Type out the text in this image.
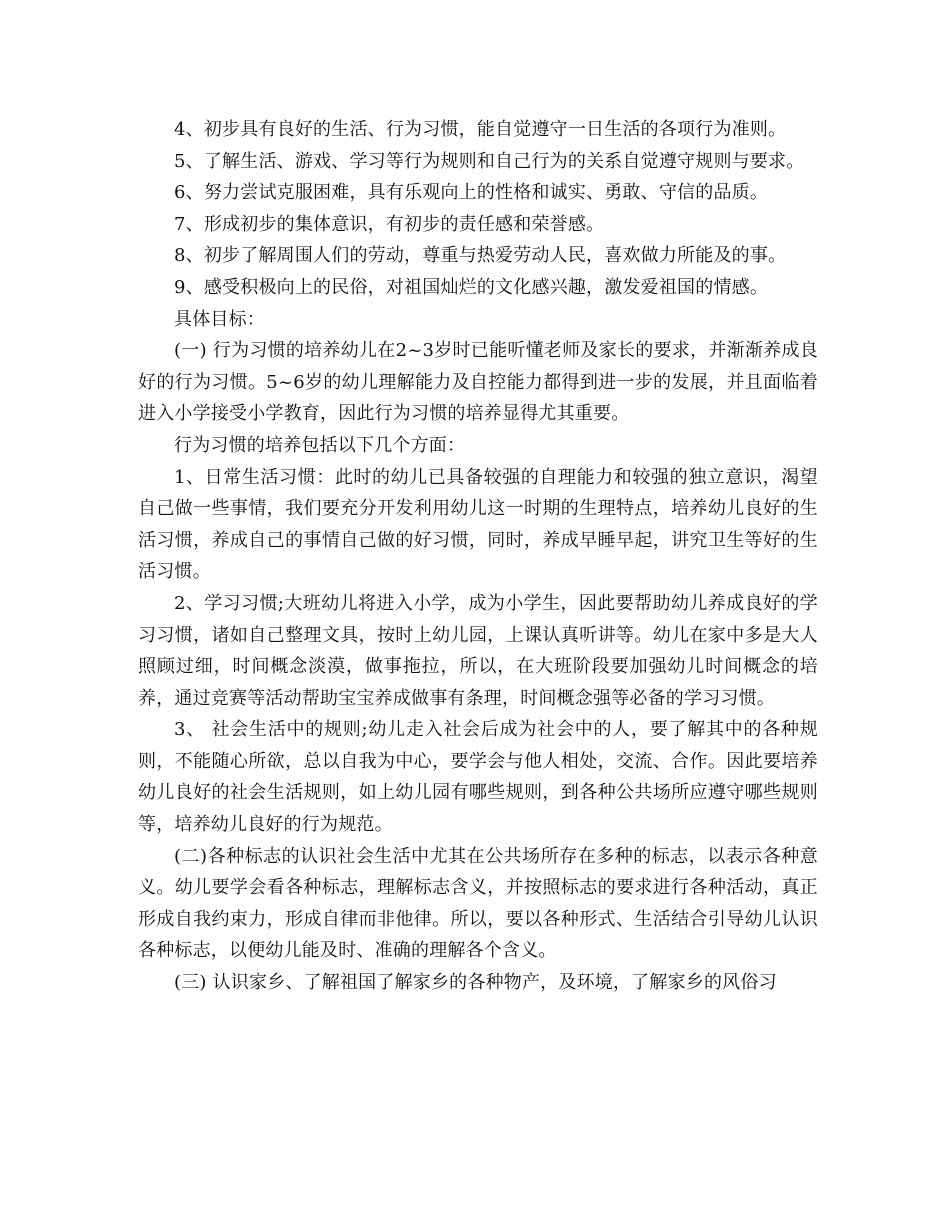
4、初步具有良好的生活、行为习惯，能自觉遵守一日生活的各项行为准则。

5、了解生活、游戏、学习等行为规则和自己行为的关系自觉遵守规则与要求。

6、努力尝试克服困难，具有乐观向上的性格和诚实、勇敢、守信的品质。

7、形成初步的集体意识，有初步的责任感和荣誉感。

8、初步了解周围人们的劳动，尊重与热爱劳动人民，喜欢做力所能及的事。

9、感受积极向上的民俗，对祖国灿烂的文化感兴趣，激发爱祖国的情感。

具体目标：

(一) 行为习惯的培养幼儿在2~3岁时已能听懂老师及家长的要求，并渐渐养成良好的行为习惯。5~6岁的幼儿理解能力及自控能力都得到进一步的发展，并且面临着进入小学接受小学教育，因此行为习惯的培养显得尤其重要。

行为习惯的培养包括以下几个方面：

1、日常生活习惯：此时的幼儿已具备较强的自理能力和较强的独立意识，渴望自己做一些事情，我们要充分开发利用幼儿这一时期的生理特点，培养幼儿良好的生活习惯，养成自己的事情自己做的好习惯，同时，养成早睡早起，讲究卫生等好的生活习惯。

2、学习习惯;大班幼儿将进入小学，成为小学生，因此要帮助幼儿养成良好的学习习惯，诸如自己整理文具，按时上幼儿园，上课认真听讲等。幼儿在家中多是大人照顾过细，时间概念淡漠，做事拖拉，所以，在大班阶段要加强幼儿时间概念的培养，通过竞赛等活动帮助宝宝养成做事有条理，时间概念强等必备的学习习惯。

3、 社会生活中的规则;幼儿走入社会后成为社会中的人，要了解其中的各种规则，不能随心所欲，总以自我为中心，要学会与他人相处，交流、合作。因此要培养幼儿良好的社会生活规则，如上幼儿园有哪些规则，到各种公共场所应遵守哪些规则等，培养幼儿良好的行为规范。

(二)各种标志的认识社会生活中尤其在公共场所存在多种的标志，以表示各种意义。幼儿要学会看各种标志，理解标志含义，并按照标志的要求进行各种活动，真正形成自我约束力，形成自律而非他律。所以，要以各种形式、生活结合引导幼儿认识各种标志，以便幼儿能及时、准确的理解各个含义。

(三) 认识家乡、了解祖国了解家乡的各种物产，及环境，了解家乡的风俗习
